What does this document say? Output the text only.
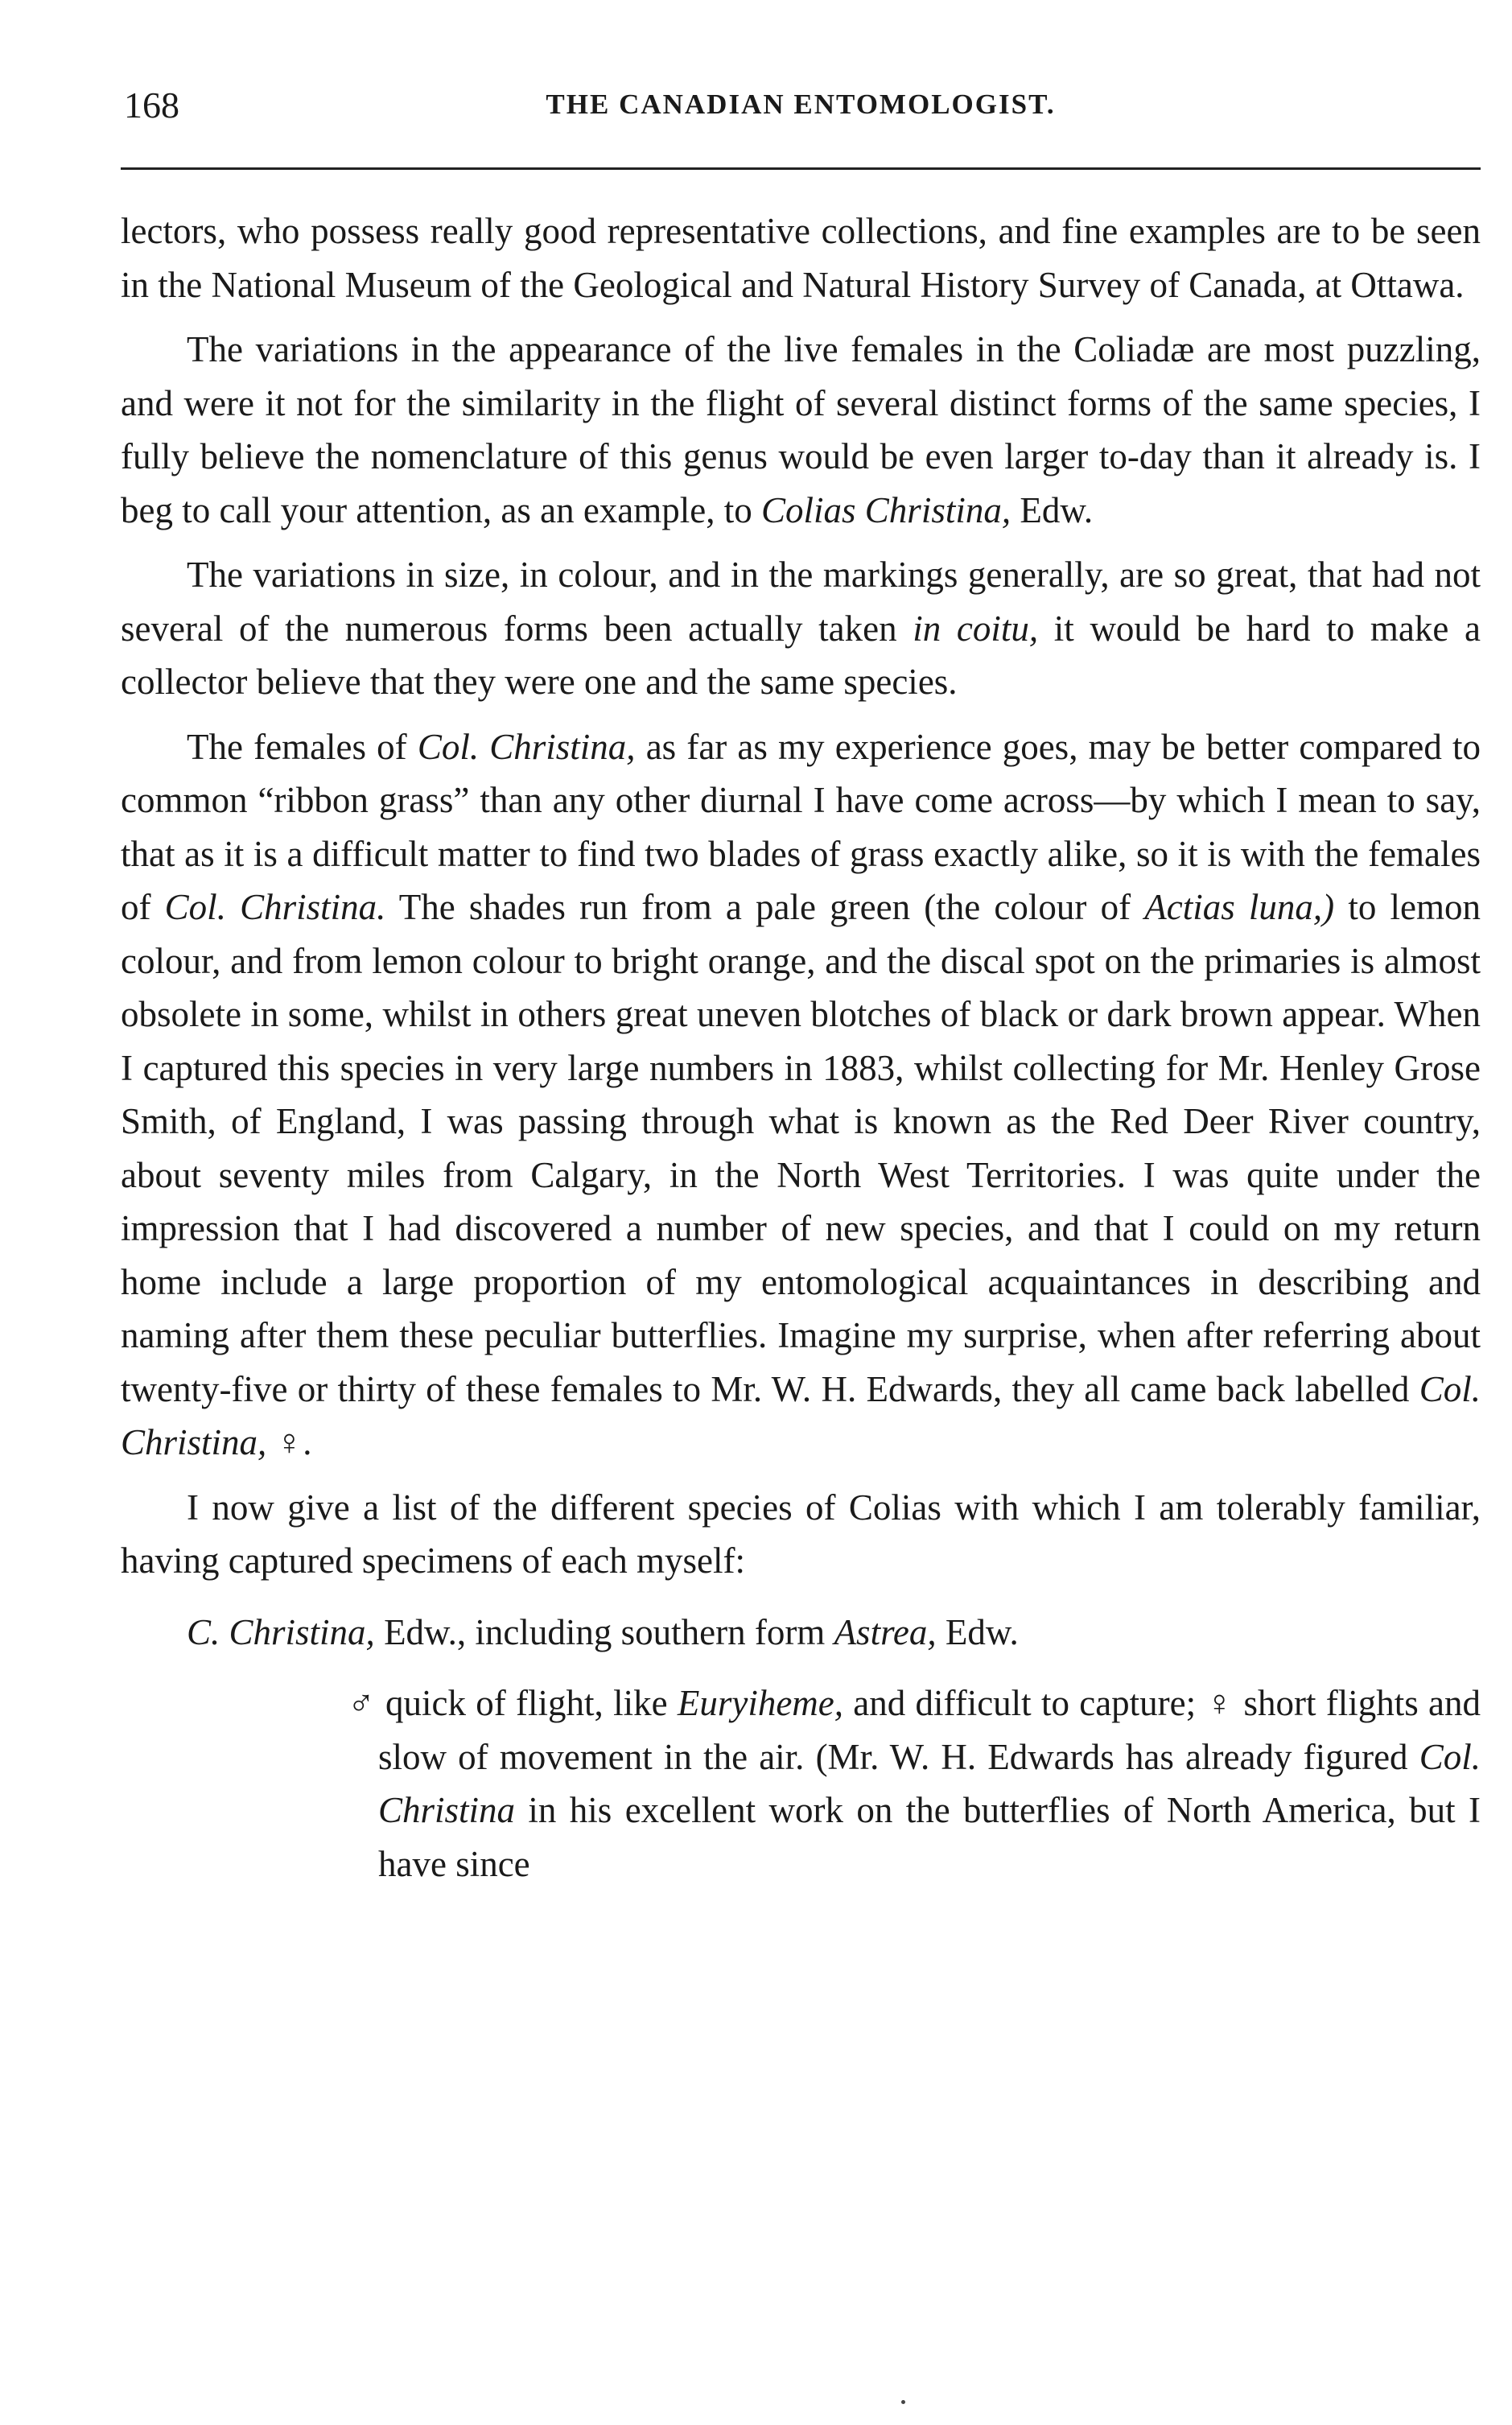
168	THE CANADIAN ENTOMOLOGIST.

lectors, who possess really good representative collections, and fine examples are to be seen in the National Museum of the Geological and Natural History Survey of Canada, at Ottawa.

The variations in the appearance of the live females in the Coliadæ are most puzzling, and were it not for the similarity in the flight of several distinct forms of the same species, I fully believe the nomenclature of this genus would be even larger to-day than it already is. I beg to call your attention, as an example, to Colias Christina, Edw.

The variations in size, in colour, and in the markings generally, are so great, that had not several of the numerous forms been actually taken in coitu, it would be hard to make a collector believe that they were one and the same species.

The females of Col. Christina, as far as my experience goes, may be better compared to common “ribbon grass” than any other diurnal I have come across—by which I mean to say, that as it is a difficult matter to find two blades of grass exactly alike, so it is with the females of Col. Christina. The shades run from a pale green (the colour of Actias luna,) to lemon colour, and from lemon colour to bright orange, and the discal spot on the primaries is almost obsolete in some, whilst in others great uneven blotches of black or dark brown appear. When I captured this species in very large numbers in 1883, whilst collecting for Mr. Henley Grose Smith, of England, I was passing through what is known as the Red Deer River country, about seventy miles from Calgary, in the North West Territories. I was quite under the impression that I had discovered a number of new species, and that I could on my return home include a large proportion of my entomological acquaintances in describing and naming after them these peculiar butterflies. Imagine my surprise, when after referring about twenty-five or thirty of these females to Mr. W. H. Edwards, they all came back labelled Col. Christina, ♀.

I now give a list of the different species of Colias with which I am tolerably familiar, having captured specimens of each myself:

C. Christina, Edw., including southern form Astrea, Edw.

♂ quick of flight, like Euryiheme, and difficult to capture; ♀ short flights and slow of movement in the air. (Mr. W. H. Edwards has already figured Col. Christina in his excellent work on the butterflies of North America, but I have since
